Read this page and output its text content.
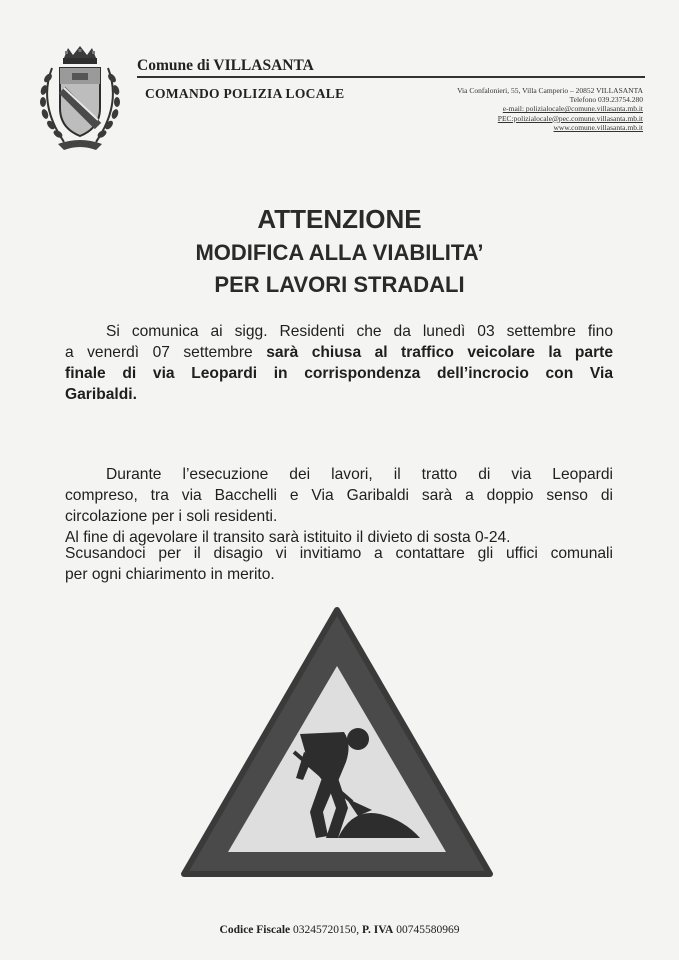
Comune di VILLASANTA
COMANDO POLIZIA LOCALE	Via Confalonieri, 55, Villa Camperio – 20852 VILLASANTA
Telefono 039.23754.280
e-mail: polizialocale@comune.villasanta.mb.it
PEC:polizialocale@pec.comune.villasanta.mb.it
www.comune.villasanta.mb.it
ATTENZIONE
MODIFICA ALLA VIABILITA’
PER LAVORI STRADALI
Si comunica ai sigg. Residenti che da lunedì 03 settembre fino
a venerdì 07 settembre sarà chiusa al traffico veicolare la parte
finale di via Leopardi in corrispondenza dell’incrocio con Via
Garibaldi.
Durante l’esecuzione dei lavori, il tratto di via Leopardi
compreso, tra via Bacchelli e Via Garibaldi sarà a doppio senso di
circolazione per i soli residenti.
Al fine di agevolare il transito sarà istituito il divieto di sosta 0-24.
Scusandoci per il disagio vi invitiamo a contattare gli uffici comunali
per ogni chiarimento in merito.
Codice Fiscale 03245720150, P. IVA 00745580969
